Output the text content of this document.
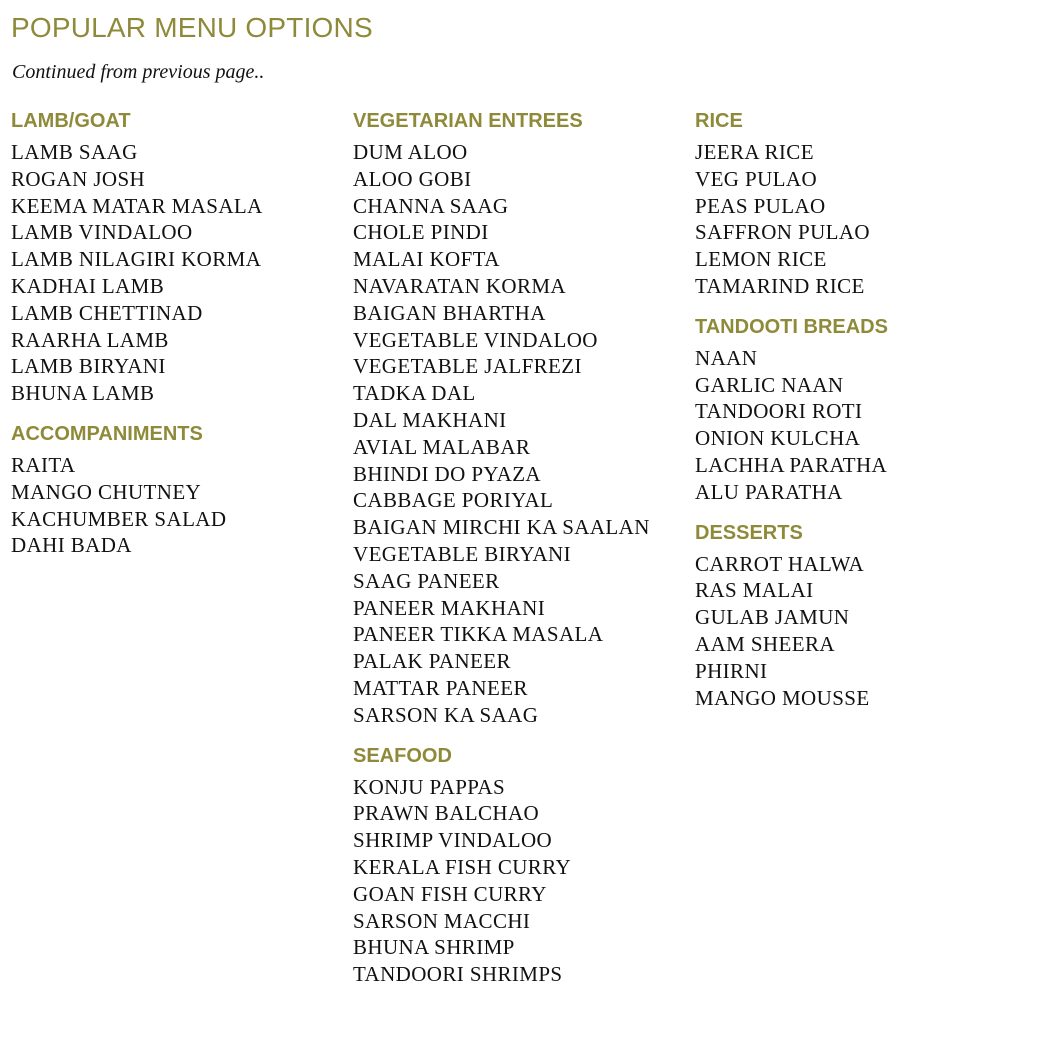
POPULAR MENU OPTIONS
Continued from previous page..
LAMB/GOAT
LAMB SAAG
ROGAN JOSH
KEEMA MATAR MASALA
LAMB VINDALOO
LAMB NILAGIRI KORMA
KADHAI LAMB
LAMB CHETTINAD
RAARHA LAMB
LAMB BIRYANI
BHUNA LAMB
ACCOMPANIMENTS
RAITA
MANGO CHUTNEY
KACHUMBER SALAD
DAHI BADA
VEGETARIAN ENTREES
DUM ALOO
ALOO GOBI
CHANNA SAAG
CHOLE PINDI
MALAI KOFTA
NAVARATAN KORMA
BAIGAN BHARTHA
VEGETABLE VINDALOO
VEGETABLE JALFREZI
TADKA DAL
DAL MAKHANI
AVIAL MALABAR
BHINDI DO PYAZA
CABBAGE PORIYAL
BAIGAN MIRCHI KA SAALAN
VEGETABLE BIRYANI
SAAG PANEER
PANEER MAKHANI
PANEER TIKKA MASALA
PALAK PANEER
MATTAR PANEER
SARSON KA SAAG
SEAFOOD
KONJU PAPPAS
PRAWN BALCHAO
SHRIMP VINDALOO
KERALA FISH CURRY
GOAN FISH CURRY
SARSON MACCHI
BHUNA SHRIMP
TANDOORI SHRIMPS
RICE
JEERA RICE
VEG PULAO
PEAS PULAO
SAFFRON PULAO
LEMON RICE
TAMARIND RICE
TANDOOTI BREADS
NAAN
GARLIC NAAN
TANDOORI ROTI
ONION KULCHA
LACHHA PARATHA
ALU PARATHA
DESSERTS
CARROT HALWA
RAS MALAI
GULAB JAMUN
AAM SHEERA
PHIRNI
MANGO MOUSSE
